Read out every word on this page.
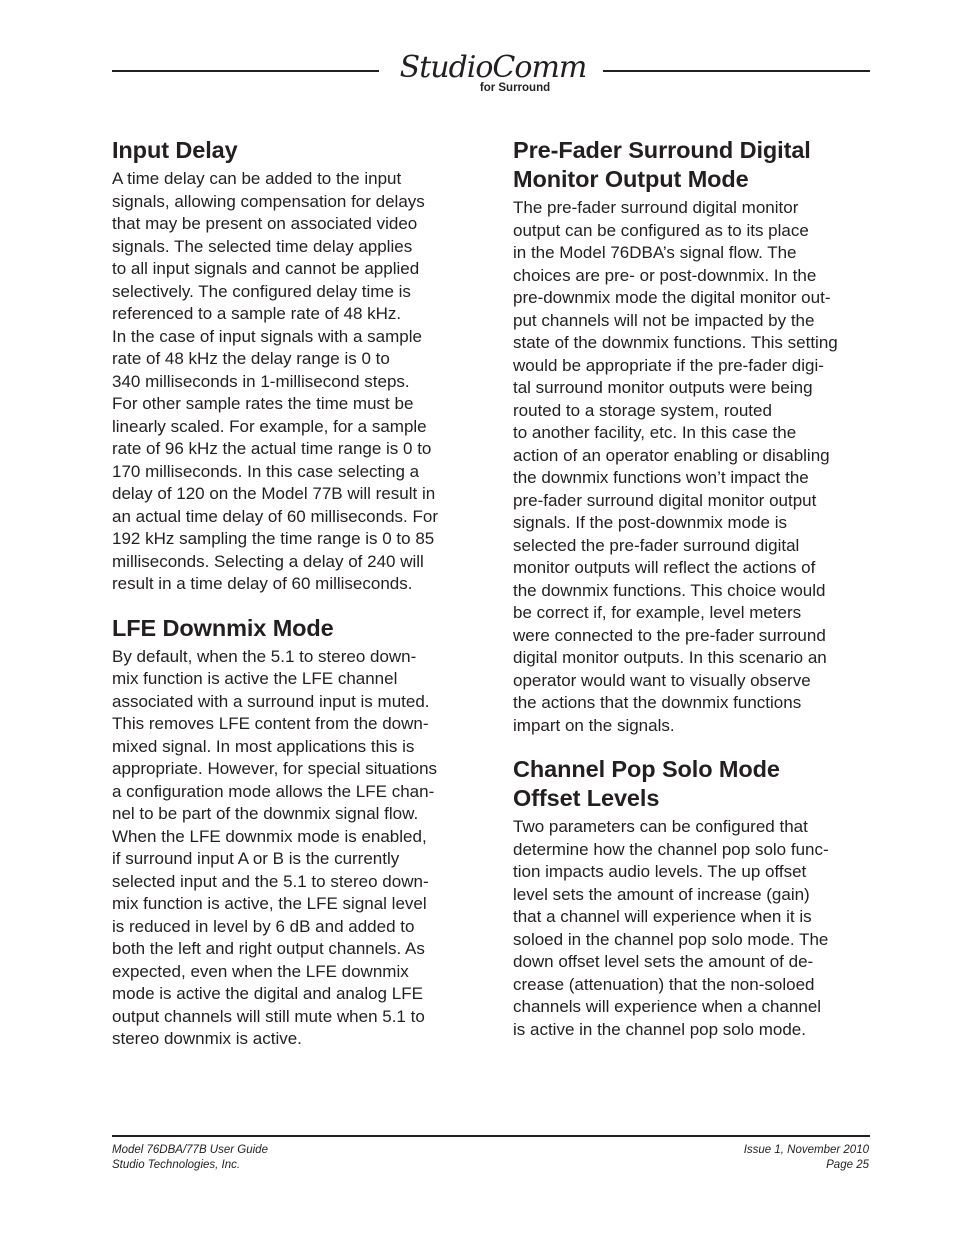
StudioComm
for Surround
Input Delay

A time delay can be added to the input
signals, allowing compensation for delays
that may be present on associated video
signals. The selected time delay applies
to all input signals and cannot be applied
selectively. The configured delay time is
referenced to a sample rate of 48 kHz.
In the case of input signals with a sample
rate of 48 kHz the delay range is 0 to
340 milliseconds in 1-millisecond steps.
For other sample rates the time must be
linearly scaled. For example, for a sample
rate of 96 kHz the actual time range is 0 to
170 milliseconds. In this case selecting a
delay of 120 on the Model 77B will result in
an actual time delay of 60 milliseconds. For
192 kHz sampling the time range is 0 to 85
milliseconds. Selecting a delay of 240 will
result in a time delay of 60 milliseconds.

LFE Downmix Mode

By default, when the 5.1 to stereo down-
mix function is active the LFE channel
associated with a surround input is muted.
This removes LFE content from the down-
mixed signal. In most applications this is
appropriate. However, for special situations
a configuration mode allows the LFE chan-
nel to be part of the downmix signal flow.
When the LFE downmix mode is enabled,
if surround input A or B is the currently
selected input and the 5.1 to stereo down-
mix function is active, the LFE signal level
is reduced in level by 6 dB and added to
both the left and right output channels. As
expected, even when the LFE downmix
mode is active the digital and analog LFE
output channels will still mute when 5.1 to
stereo downmix is active.

Pre-Fader Surround Digital
Monitor Output Mode

The pre-fader surround digital monitor
output can be configured as to its place
in the Model 76DBA’s signal flow. The
choices are pre- or post-downmix. In the
pre-downmix mode the digital monitor out-
put channels will not be impacted by the
state of the downmix functions. This setting
would be appropriate if the pre-fader digi-
tal surround monitor outputs were being
routed to a storage system, routed
to another facility, etc. In this case the
action of an operator enabling or disabling
the downmix functions won’t impact the
pre-fader surround digital monitor output
signals. If the post-downmix mode is
selected the pre-fader surround digital
monitor outputs will reflect the actions of
the downmix functions. This choice would
be correct if, for example, level meters
were connected to the pre-fader surround
digital monitor outputs. In this scenario an
operator would want to visually observe
the actions that the downmix functions
impart on the signals.

Channel Pop Solo Mode
Offset Levels

Two parameters can be configured that
determine how the channel pop solo func-
tion impacts audio levels. The up offset
level sets the amount of increase (gain)
that a channel will experience when it is
soloed in the channel pop solo mode. The
down offset level sets the amount of de-
crease (attenuation) that the non-soloed
channels will experience when a channel
is active in the channel pop solo mode.

Model 76DBA/77B User Guide
Studio Technologies, Inc.
Issue 1, November 2010
Page 25
